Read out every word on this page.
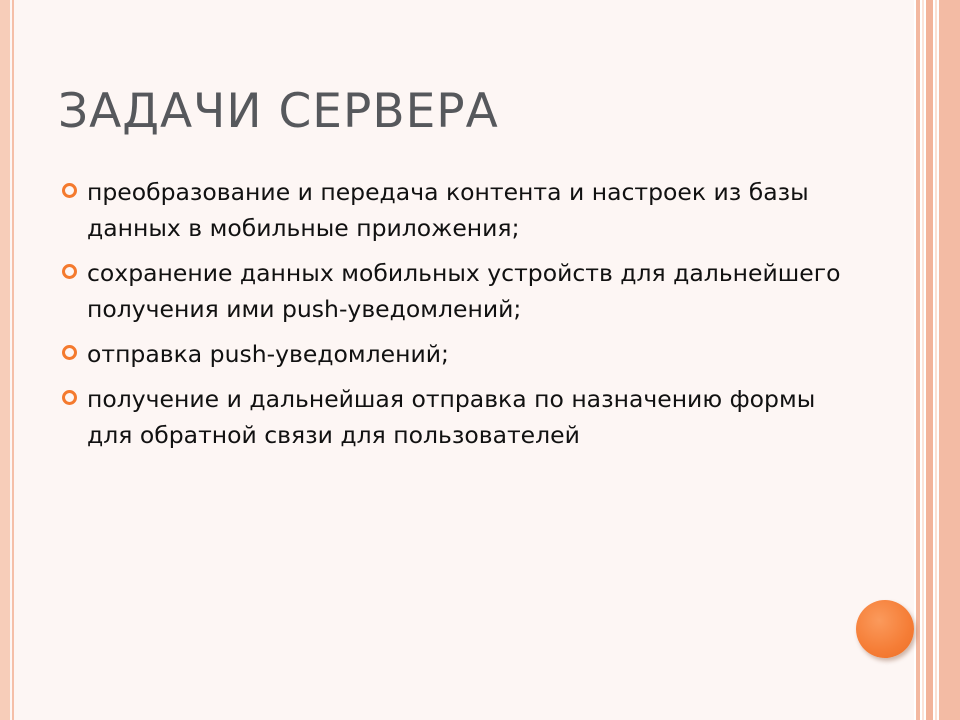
ЗАДАЧИ СЕРВЕРА
преобразование и передача контента и настроек из базы данных в мобильные приложения;
сохранение данных мобильных устройств для дальнейшего получения ими push-уведомлений;
отправка push-уведомлений;
получение и дальнейшая отправка по назначению формы для обратной связи для пользователей
